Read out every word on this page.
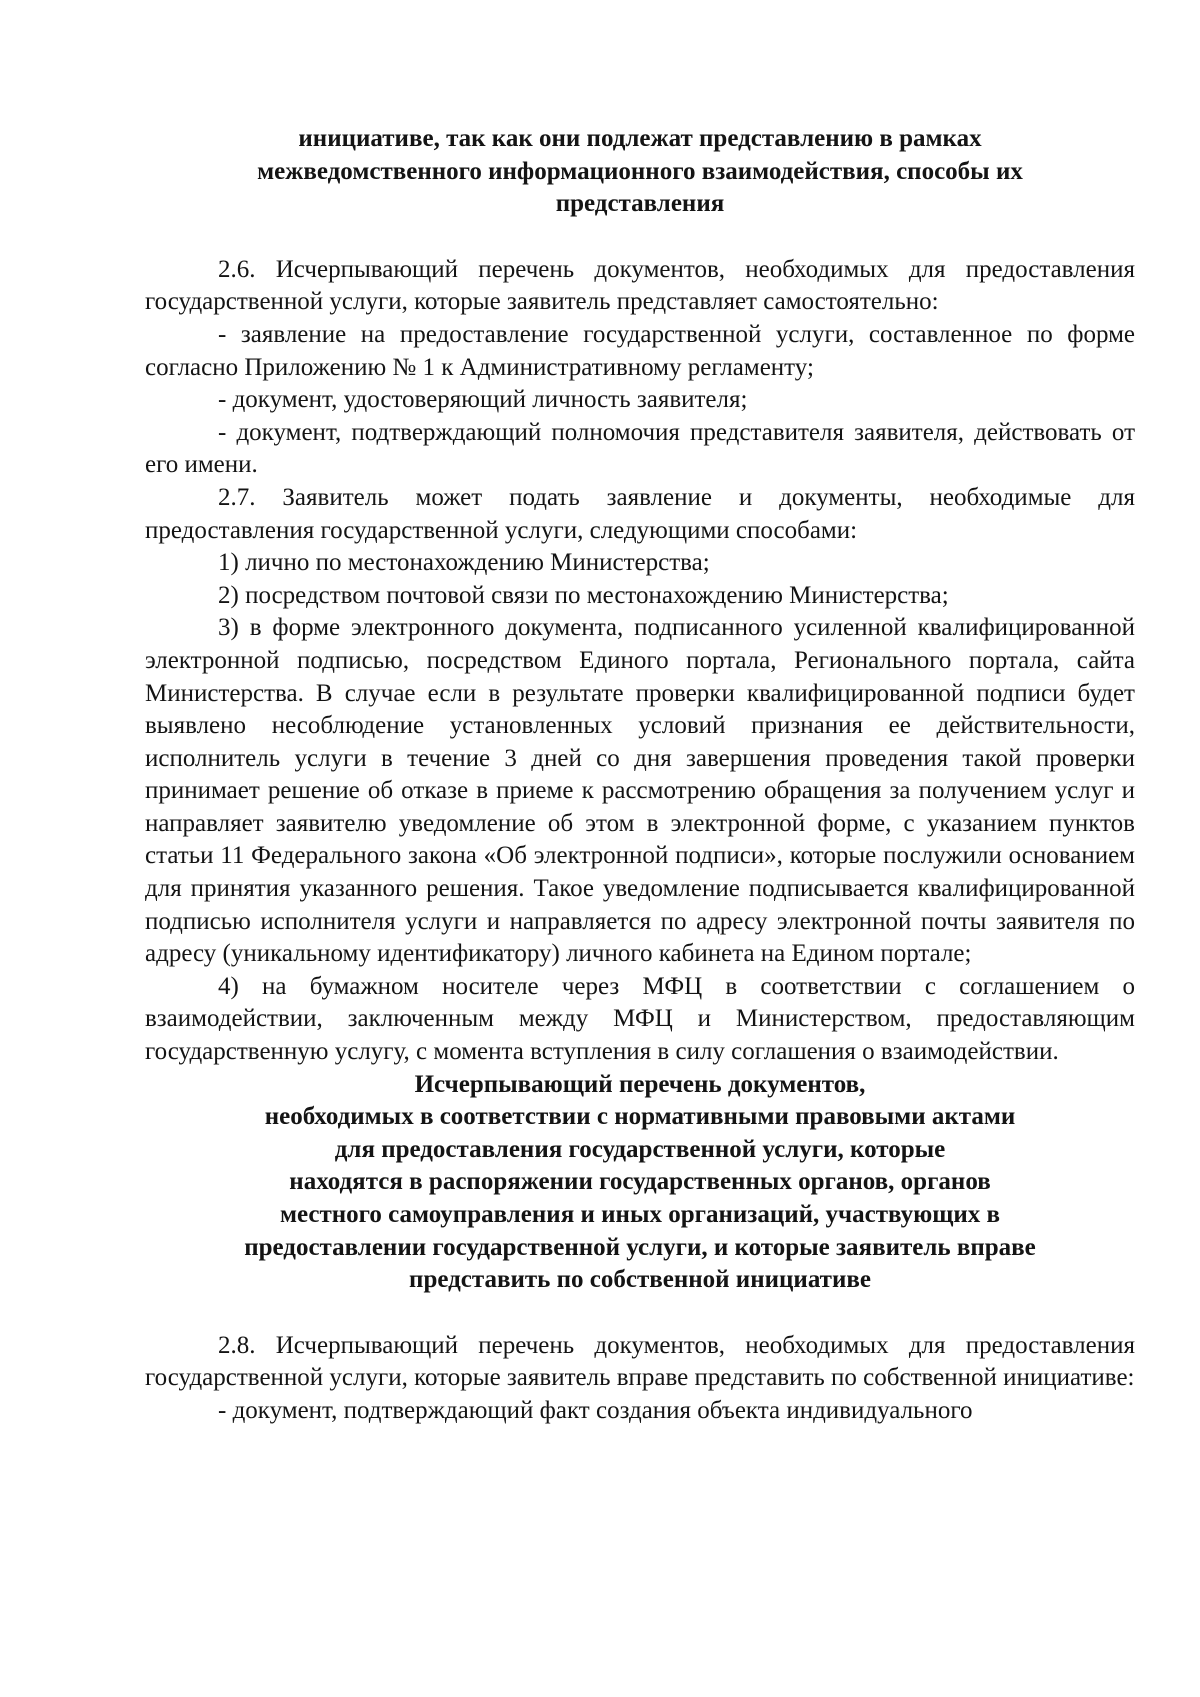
инициативе, так как они подлежат представлению в рамках
межведомственного информационного взаимодействия, способы их
представления

2.6. Исчерпывающий перечень документов, необходимых для предоставления государственной услуги, которые заявитель представляет самостоятельно:

- заявление на предоставление государственной услуги, составленное по форме согласно Приложению № 1 к Административному регламенту;

- документ, удостоверяющий личность заявителя;

- документ, подтверждающий полномочия представителя заявителя, действовать от его имени.

2.7. Заявитель может подать заявление и документы, необходимые для предоставления государственной услуги, следующими способами:

1) лично по местонахождению Министерства;

2) посредством почтовой связи по местонахождению Министерства;

3) в форме электронного документа, подписанного усиленной квалифицированной электронной подписью, посредством Единого портала, Регионального портала, сайта Министерства. В случае если в результате проверки квалифицированной подписи будет выявлено несоблюдение установленных условий признания ее действительности, исполнитель услуги в течение 3 дней со дня завершения проведения такой проверки принимает решение об отказе в приеме к рассмотрению обращения за получением услуг и направляет заявителю уведомление об этом в электронной форме, с указанием пунктов статьи 11 Федерального закона «Об электронной подписи», которые послужили основанием для принятия указанного решения. Такое уведомление подписывается квалифицированной подписью исполнителя услуги и направляется по адресу электронной почты заявителя по адресу (уникальному идентификатору) личного кабинета на Едином портале;

4) на бумажном носителе через МФЦ в соответствии с соглашением о взаимодействии, заключенным между МФЦ и Министерством, предоставляющим государственную услугу, с момента вступления в силу соглашения о взаимодействии.

Исчерпывающий перечень документов,
необходимых в соответствии с нормативными правовыми актами
для предоставления государственной услуги, которые
находятся в распоряжении государственных органов, органов
местного самоуправления и иных организаций, участвующих в
предоставлении государственной услуги, и которые заявитель вправе
представить по собственной инициативе

2.8. Исчерпывающий перечень документов, необходимых для предоставления государственной услуги, которые заявитель вправе представить по собственной инициативе:

- документ, подтверждающий факт создания объекта индивидуального
